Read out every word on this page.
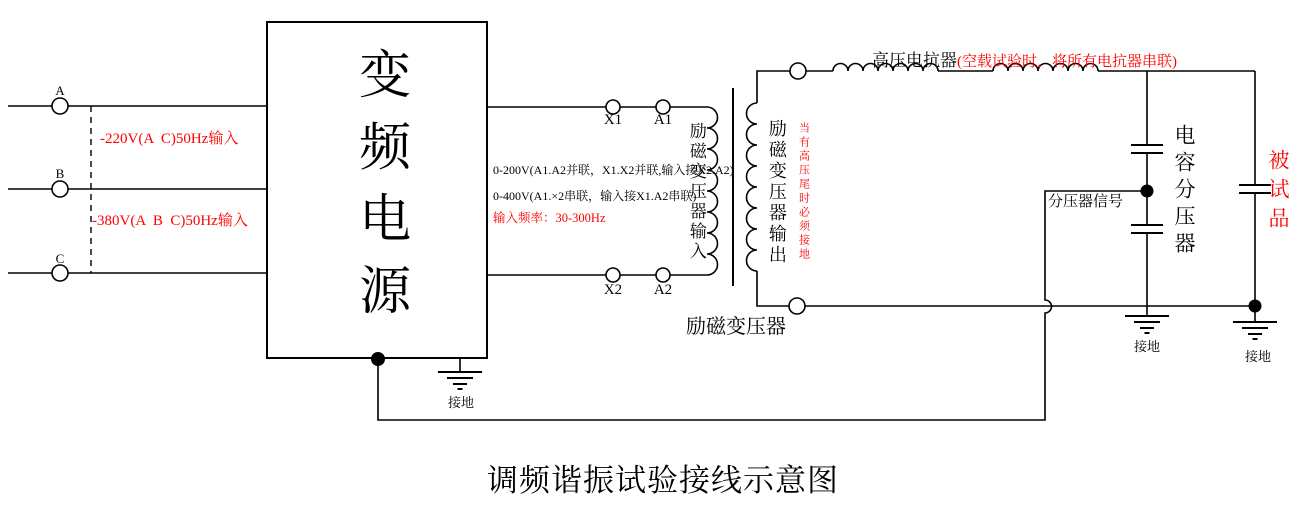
A
B
C
-220V(A  C)50Hz输入
-380V(A  B  C)50Hz输入 变频电源	0-200V(A1.A2并联，X1.X2并联,输入接X2.A2)
0-400V(A1.×2串联，输入接X1.A2串联)
输入频率：30-300Hz
X1	A1
X2	A2
励磁变压器输入	励磁变压器输出 当有高压尾时必须接地
励磁变压器

高压电抗器(空载试验时，将所有电抗器串联)

电容分压器
分压器信号	被试品
接地
接地
接地
调频谐振试验接线示意图
